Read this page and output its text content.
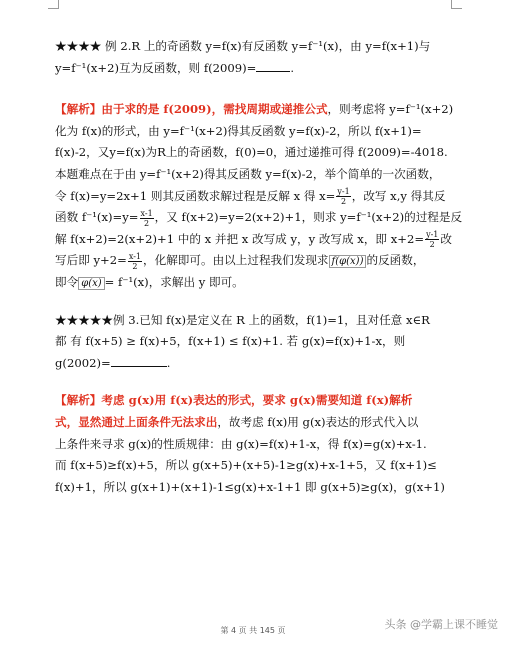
★★★★ 例 2.R 上的奇函数 y=f(x)有反函数 y=f⁻¹(x)，由 y=f(x+1)与
y=f⁻¹(x+2)互为反函数，则 f(2009)=	.
【解析】由于求的是 f(2009)，需找周期或递推公式，则考虑将 y=f⁻¹(x+2)
化为 f(x)的形式，由 y=f⁻¹(x+2)得其反函数 y=f(x)-2，所以 f(x+1)=
f(x)-2，又y=f(x)为R上的奇函数，f(0)=0，通过递推可得 f(2009)=-4018.
本题难点在于由 y=f⁻¹(x+2)得其反函数 y=f(x)-2，举个简单的一次函数，
令 f(x)=y=2x+1 则其反函数求解过程是反解 x 得 $x= \frac{y-1}{2}$ ，改写 x,y 得其反
函数 $f^{-1}(x)=y= \frac{x-1}{2}$ ，又 f(x+2)=y=2(x+2)+1，则求 y=f⁻¹(x+2)的过程是反
解 f(x+2)=2(x+2)+1 中的 x 并把 x 改写成 y，y 改写成 x，即 $x+2= \frac{y-1}{2}$ 改
写后即 $y+2= \frac{x-1}{2}$ ，化解即可。由以上过程我们发现求 f(φ(x)) 的反函数，
即令 φ(x) = f⁻¹(x)，求解出 y 即可。
★★★★★例 3.已知 f(x)是定义在 R 上的函数，f(1)=1，且对任意 x∈R
都 有 f(x+5) ≥ f(x)+5，f(x+1) ≤ f(x)+1. 若 g(x)=f(x)+1-x，则
g(2002)=	.
【解析】考虑 g(x)用 f(x)表达的形式，要求 g(x)需要知道 f(x)解析
式，显然通过上面条件无法求出，故考虑 f(x)用 g(x)表达的形式代入以
上条件来寻求 g(x)的性质规律：由 g(x)=f(x)+1-x，得 f(x)=g(x)+x-1.
而 f(x+5)≥f(x)+5，所以 g(x+5)+(x+5)-1≥g(x)+x-1+5，又 f(x+1)≤
f(x)+1，所以 g(x+1)+(x+1)-1≤g(x)+x-1+1 即 g(x+5)≥g(x)，g(x+1)
第 4 页 共 145 页	头条 @学霸上课不睡觉
